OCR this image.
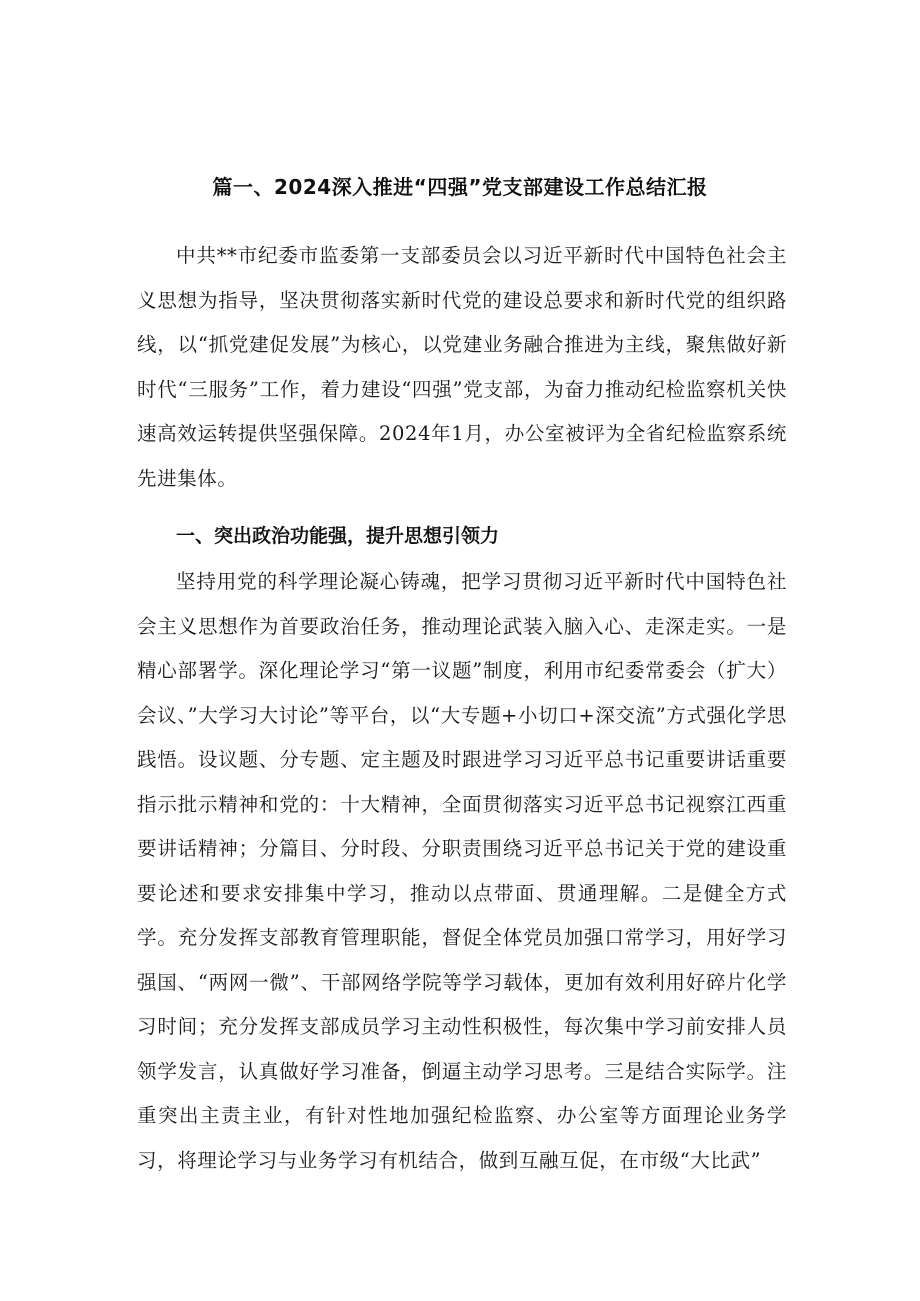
篇一、2024深入推进“四强”党支部建设工作总结汇报

中共**市纪委市监委第一支部委员会以习近平新时代中国特色社会主义思想为指导，坚决贯彻落实新时代党的建设总要求和新时代党的组织路线，以“抓党建促发展”为核心，以党建业务融合推进为主线，聚焦做好新时代“三服务”工作，着力建设“四强”党支部，为奋力推动纪检监察机关快速高效运转提供坚强保障。2024年1月，办公室被评为全省纪检监察系统先进集体。

一、突出政治功能强，提升思想引领力

坚持用党的科学理论凝心铸魂，把学习贯彻习近平新时代中国特色社会主义思想作为首要政治任务，推动理论武装入脑入心、走深走实。一是精心部署学。深化理论学习“第一议题”制度，利用市纪委常委会（扩大）会议、”大学习大讨论”等平台，以“大专题+小切口+深交流”方式强化学思践悟。设议题、分专题、定主题及时跟进学习习近平总书记重要讲话重要指示批示精神和党的：十大精神，全面贯彻落实习近平总书记视察江西重要讲话精神；分篇目、分时段、分职责围绕习近平总书记关于党的建设重要论述和要求安排集中学习，推动以点带面、贯通理解。二是健全方式学。充分发挥支部教育管理职能，督促全体党员加强口常学习，用好学习强国、“两网一微”、干部网络学院等学习载体，更加有效利用好碎片化学习时间；充分发挥支部成员学习主动性积极性，每次集中学习前安排人员领学发言，认真做好学习准备，倒逼主动学习思考。三是结合实际学。注重突出主责主业，有针对性地加强纪检监察、办公室等方面理论业务学习，将理论学习与业务学习有机结合，做到互融互促，在市级“大比武”
